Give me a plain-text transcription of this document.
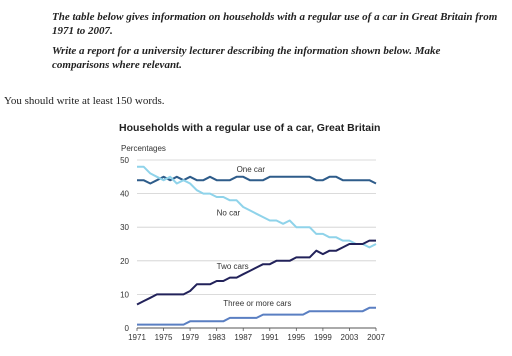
The table below gives information on households with a regular use of a car in Great Britain from 1971 to 2007.

Write a report for a university lecturer describing the information shown below. Make comparisons where relevant.

You should write at least 150 words.
Households with a regular use of a car, Great Britain
Percentages
0
10
20
30
40
50
1971 1975 1979 1983 1987 1991 1995 1999 2003 2007
One car
No car
Two cars
Three or more cars
